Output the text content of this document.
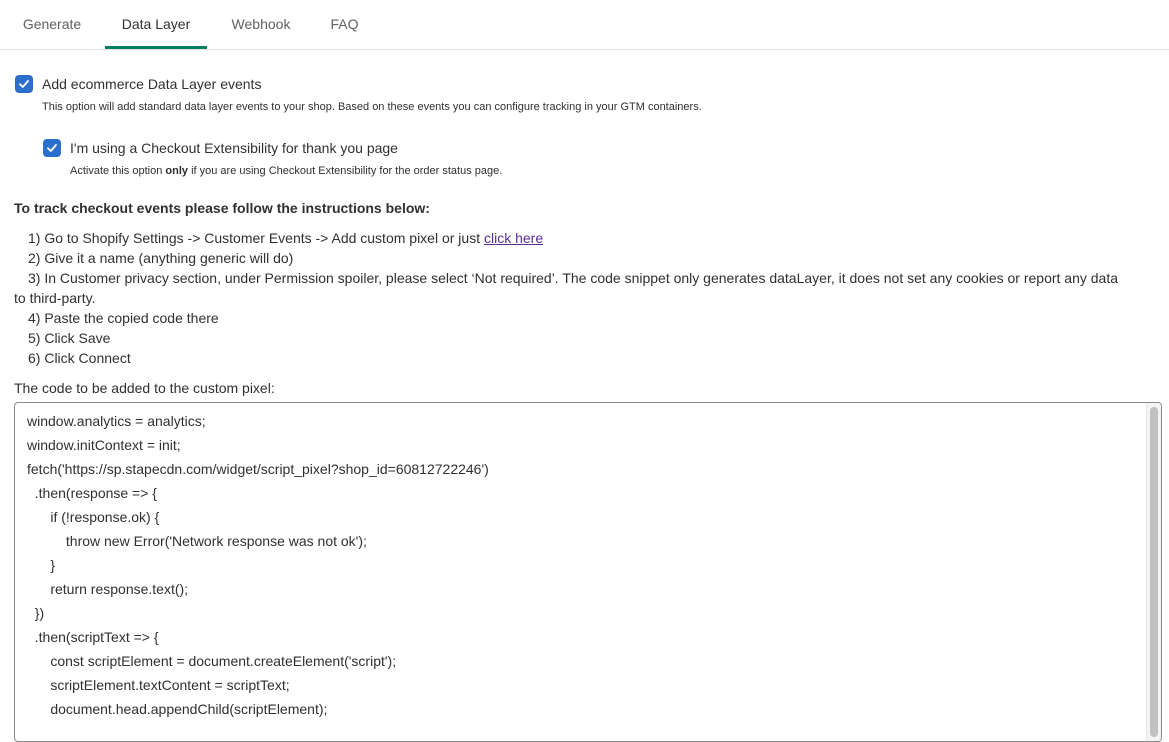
Generate	Data Layer	Webhook	FAQ
Add ecommerce Data Layer events
This option will add standard data layer events to your shop. Based on these events you can configure tracking in your GTM containers.
I'm using a Checkout Extensibility for thank you page
Activate this option only if you are using Checkout Extensibility for the order status page.
To track checkout events please follow the instructions below:
1) Go to Shopify Settings -> Customer Events -> Add custom pixel or just click here
2) Give it a name (anything generic will do)
3) In Customer privacy section, under Permission spoiler, please select ‘Not required’. The code snippet only generates dataLayer, it does not set any cookies or report any data
to third-party.
4) Paste the copied code there
5) Click Save
6) Click Connect
The code to be added to the custom pixel:
window.analytics = analytics;
window.initContext = init;
fetch('https://sp.stapecdn.com/widget/script_pixel?shop_id=60812722246')
.then(response => {
if (!response.ok) {
throw new Error('Network response was not ok');
}
return response.text();
})
.then(scriptText => {
const scriptElement = document.createElement('script');
scriptElement.textContent = scriptText;
document.head.appendChild(scriptElement);
